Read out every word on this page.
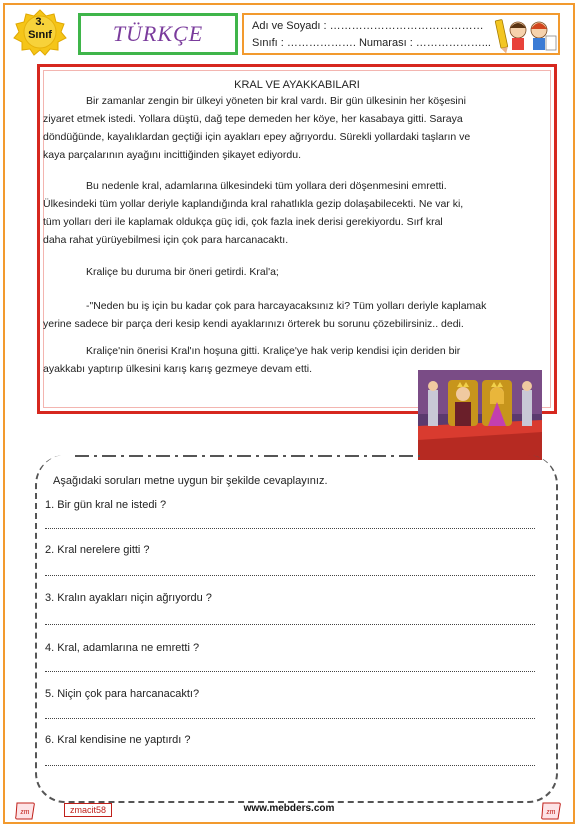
3.
Sınıf	TÜRKÇE	Adı ve Soyadı : ……………………………………
Sınıfı : ………………. Numarası : ………………...
KRAL VE AYAKKABILARI
Bir zamanlar zengin bir ülkeyi yöneten bir kral vardı. Bir gün ülkesinin her köşesini
ziyaret etmek istedi. Yollara düştü, dağ tepe demeden her köye, her kasabaya gitti. Saraya
döndüğünde, kayalıklardan geçtiği için ayakları epey ağrıyordu. Sürekli yollardaki taşların ve
kaya parçalarının ayağını incittiğinden şikayet ediyordu.
Bu nedenle kral, adamlarına ülkesindeki tüm yollara deri döşenmesini emretti.
Ülkesindeki tüm yollar deriyle kaplandığında kral rahatlıkla gezip dolaşabilecekti. Ne var ki,
tüm yolları deri ile kaplamak oldukça güç idi, çok fazla inek derisi gerekiyordu. Sırf kral
daha rahat yürüyebilmesi için çok para harcanacaktı.
Kraliçe bu duruma bir öneri getirdi. Kral'a;
-"Neden bu iş için bu kadar çok para harcayacaksınız ki? Tüm yolları deriyle kaplamak
yerine sadece bir parça deri kesip kendi ayaklarınızı örterek bu sorunu çözebilirsiniz.. dedi.
Kraliçe'nin önerisi Kral'ın hoşuna gitti. Kraliçe'ye hak verip kendisi için deriden bir
ayakkabı yaptırıp ülkesini karış karış gezmeye devam etti.
Aşağıdaki soruları metne uygun bir şekilde cevaplayınız.
1. Bir gün kral ne istedi ?
2. Kral nerelere gitti ?
3. Kralın ayakları niçin ağrıyordu ?
4. Kral, adamlarına ne emretti ?
5. Niçin çok para harcanacaktı?
6. Kral kendisine ne yaptırdı ?
zm	zmacit58	www.mebders.com	zm
